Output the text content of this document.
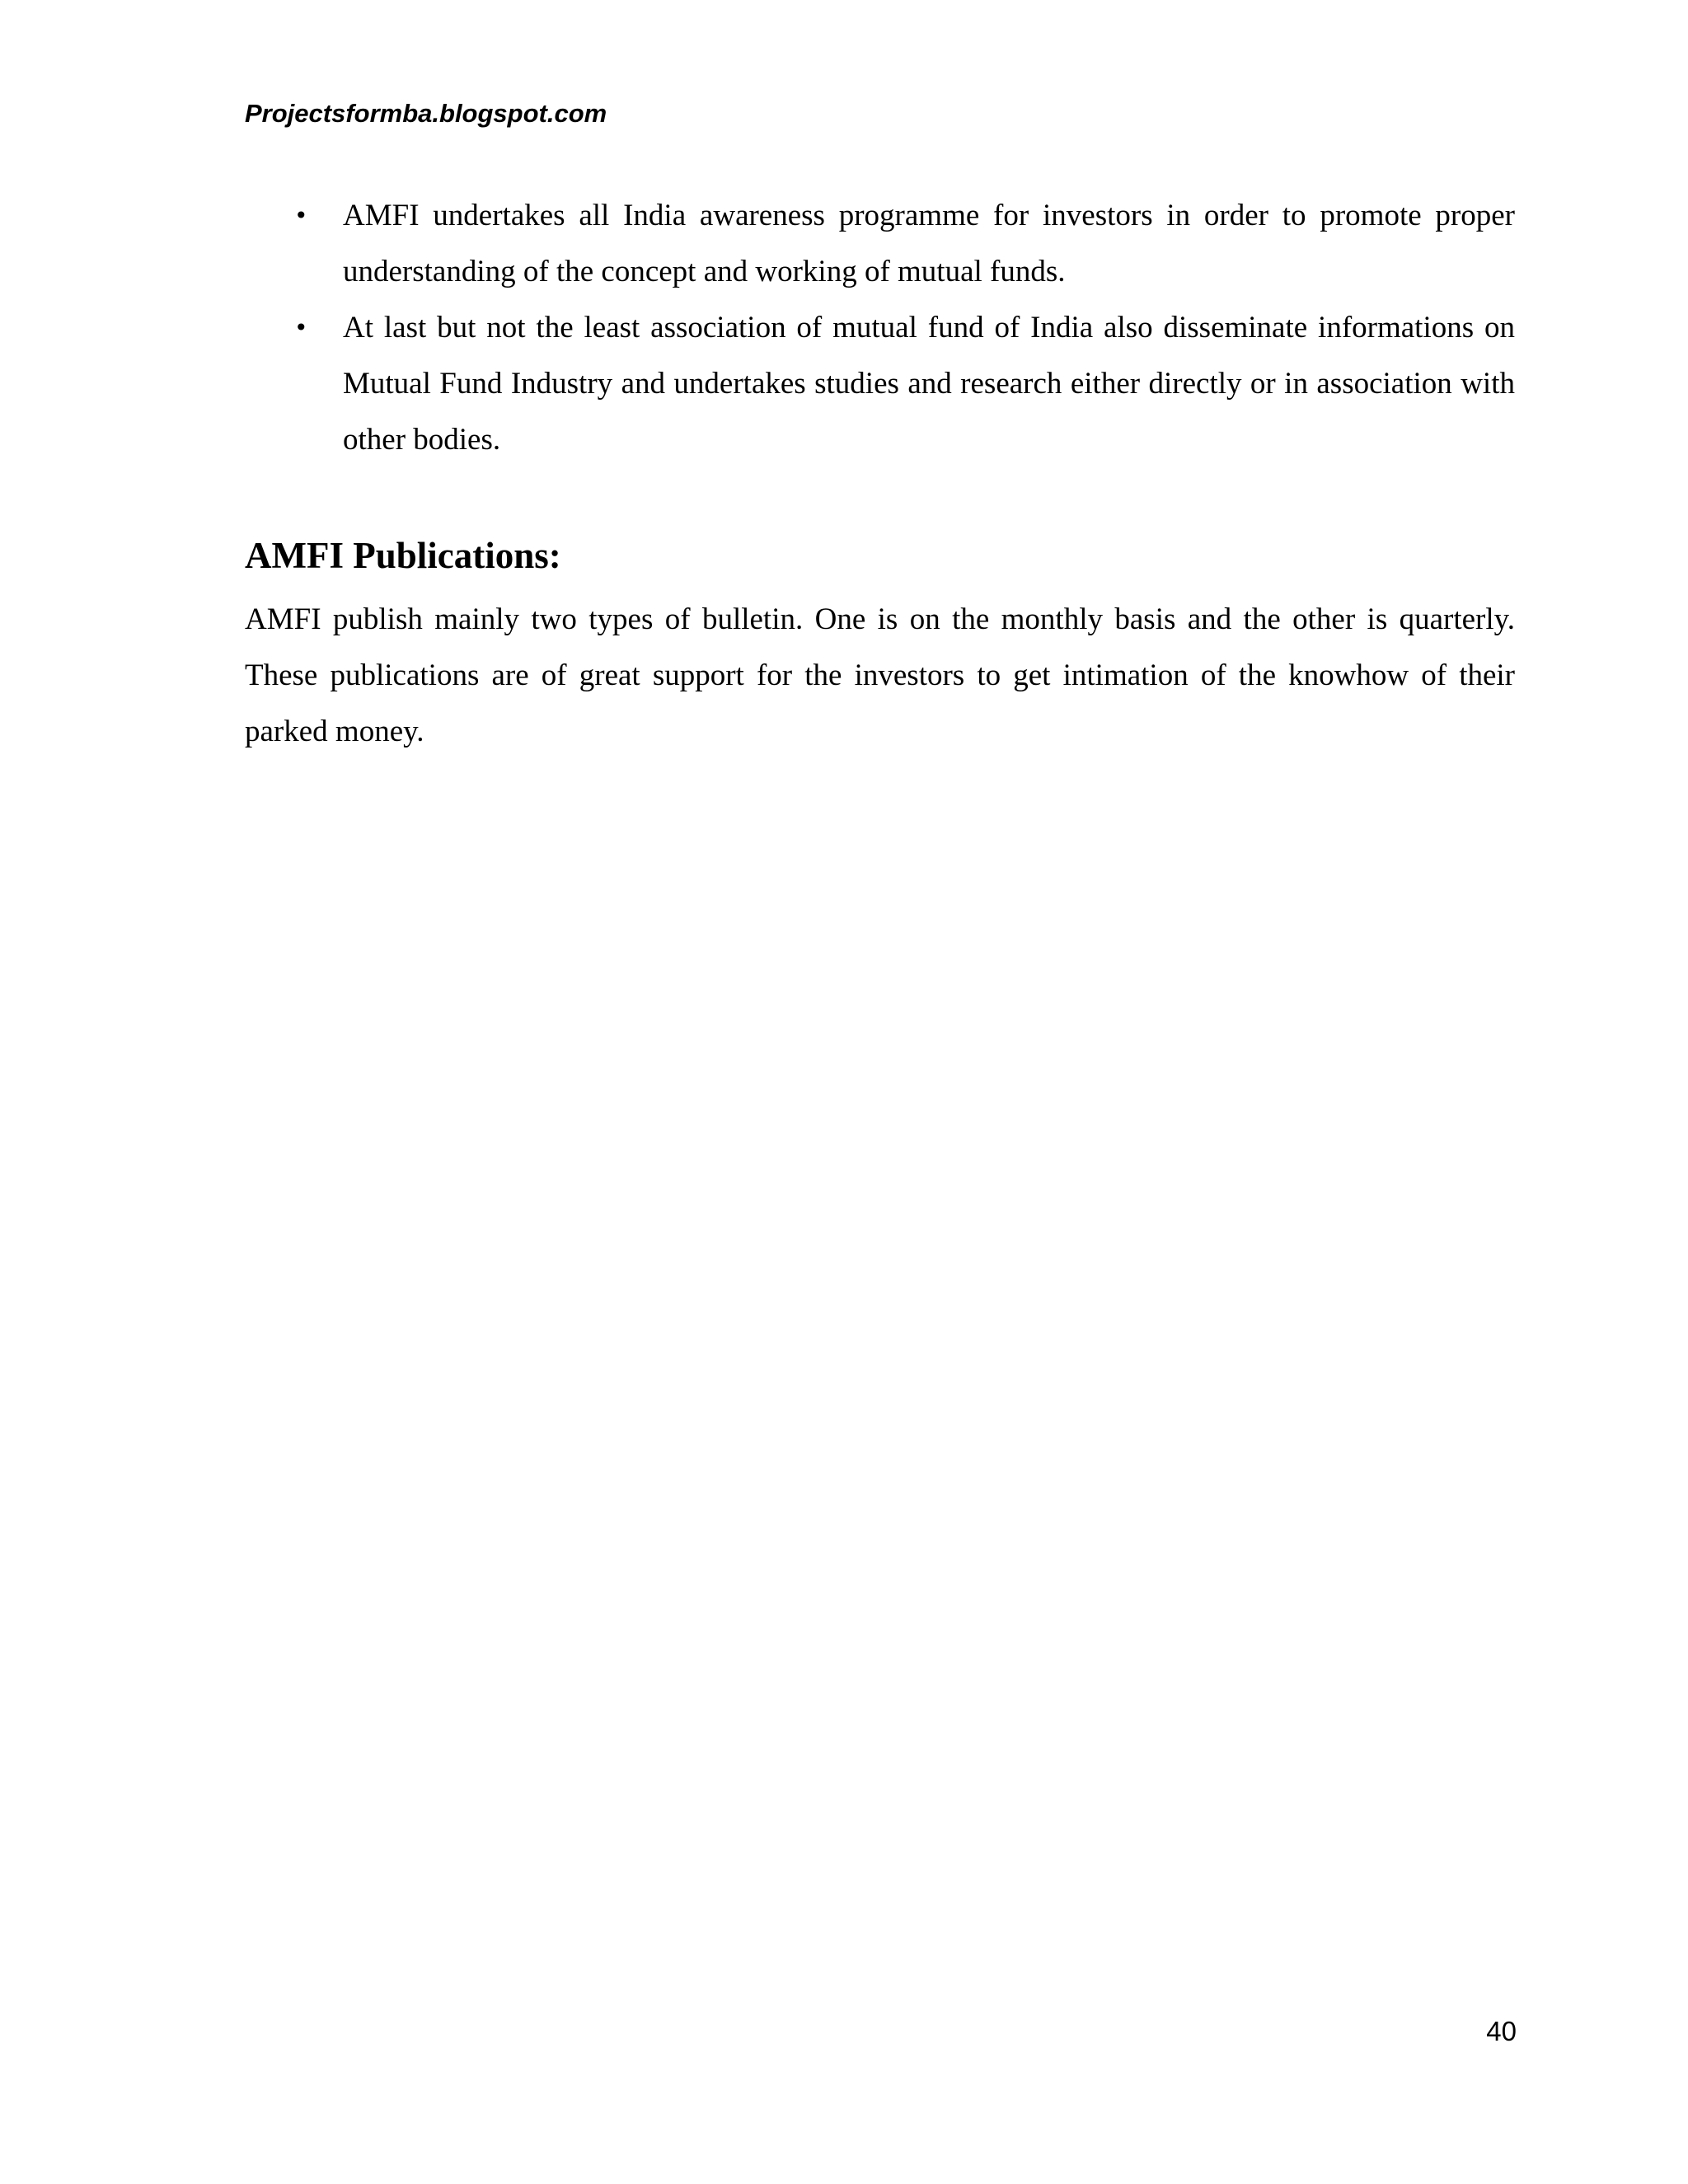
Projectsformba.blogspot.com
• AMFI undertakes all India awareness programme for investors in order to promote proper understanding of the concept and working of mutual funds.
• At last but not the least association of mutual fund of India also disseminate informations on Mutual Fund Industry and undertakes studies and research either directly or in association with other bodies.
AMFI Publications:

AMFI publish mainly two types of bulletin. One is on the monthly basis and the other is quarterly. These publications are of great support for the investors to get intimation of the knowhow of their parked money.

40
